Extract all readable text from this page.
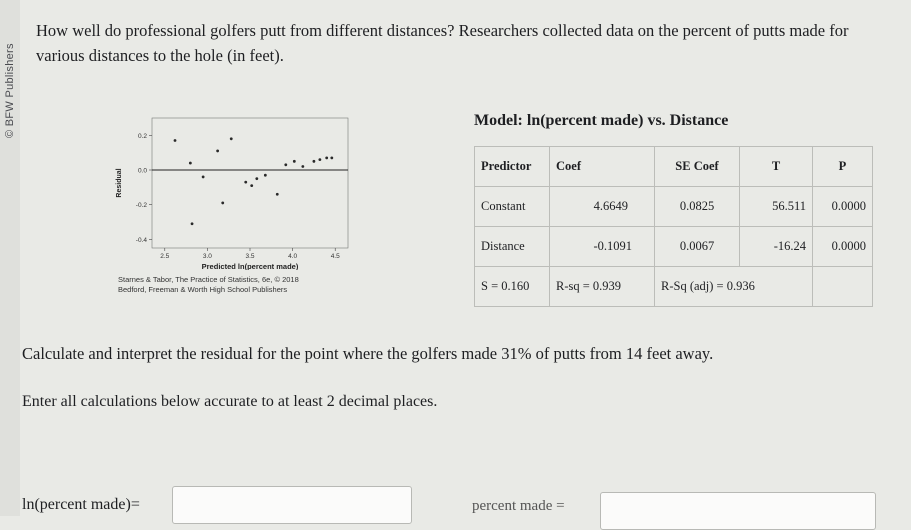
© BFW Publishers
How well do professional golfers putt from different distances? Researchers collected data on the percent of putts made for various distances to the hole (in feet).
0.2
0.0
-0.2
-0.4
2.5	3.0	3.5	4.0	4.5
Residual
Predicted ln(percent made)
Starnes & Tabor, The Practice of Statistics, 6e, © 2018
Bedford, Freeman & Worth High School Publishers
Model: ln(percent made) vs. Distance
Predictor	Coef	SE Coef	T	P
Constant	4.6649	0.0825	56.511	0.0000
Distance	-0.1091	0.0067	-16.24	0.0000
S = 0.160	R-sq = 0.939	R-Sq (adj) = 0.936		
Calculate and interpret the residual for the point where the golfers made 31% of putts from 14 feet away.
Enter all calculations below accurate to at least 2 decimal places.
ln(percent made)=	percent made =
